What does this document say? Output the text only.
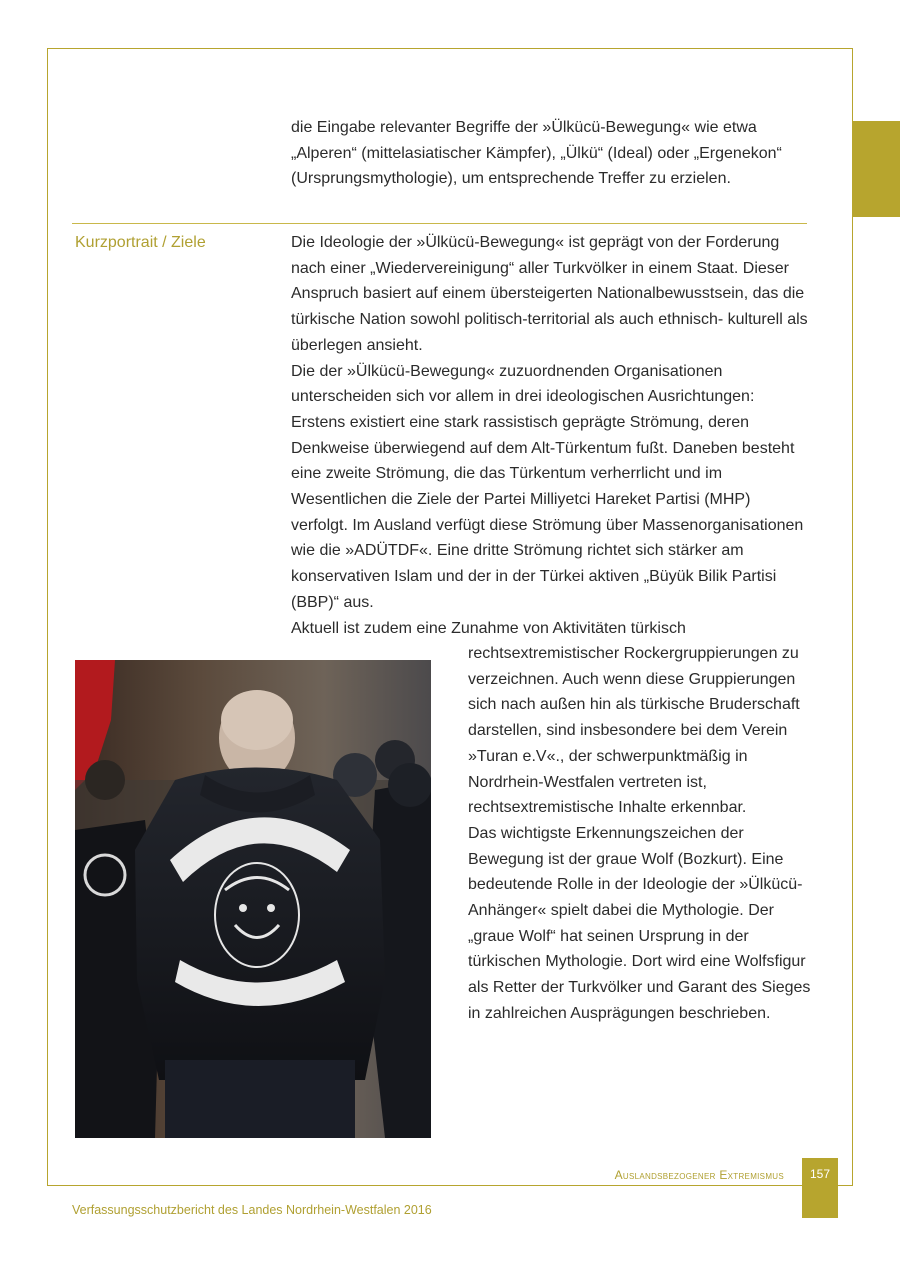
die Eingabe relevanter Begriffe der »Ülkücü-Bewegung« wie etwa „Alperen“ (mittelasiatischer Kämpfer), „Ülkü“ (Ideal) oder „Ergenekon“ (Ursprungsmythologie), um entsprechende Treffer zu erzielen.
Kurzportrait / Ziele	Die Ideologie der »Ülkücü-Bewegung« ist geprägt von der Forderung nach einer „Wiedervereinigung“ aller Turkvölker in einem Staat. Dieser Anspruch basiert auf einem übersteigerten Nationalbewusstsein, das die türkische Nation sowohl politisch-territorial als auch ethnisch- kulturell als überlegen ansieht.

Die der »Ülkücü-Bewegung« zuzuordnenden Organisationen unterscheiden sich vor allem in drei ideologischen Ausrichtungen: Erstens existiert eine stark rassistisch geprägte Strömung, deren Denkweise überwiegend auf dem Alt-Türkentum fußt. Daneben besteht eine zweite Strömung, die das Türkentum verherrlicht und im Wesentlichen die Ziele der Partei Milliyetci Hareket Partisi (MHP) verfolgt. Im Ausland verfügt diese Strömung über Massenorganisationen wie die »ADÜTDF«. Eine dritte Strömung richtet sich stärker am konservativen Islam und der in der Türkei aktiven „Büyük Bilik Partisi (BBP)“ aus.

Aktuell ist zudem eine Zunahme von Aktivitäten türkisch

rechtsextremistischer Rockergruppierungen zu verzeichnen. Auch wenn diese Gruppierungen sich nach außen hin als türkische Bruderschaft darstellen, sind insbesondere bei dem Verein »Turan e.V«., der schwerpunktmäßig in Nordrhein-Westfalen vertreten ist, rechtsextremistische Inhalte erkennbar.

Das wichtigste Erkennungszeichen der Bewegung ist der graue Wolf (Bozkurt). Eine bedeutende Rolle in der Ideologie der »Ülkücü-Anhänger« spielt dabei die Mythologie. Der „graue Wolf“ hat seinen Ursprung in der türkischen Mythologie. Dort wird eine Wolfsfigur als Retter der Turkvölker und Garant des Sieges in zahlreichen Ausprägungen beschrieben.

Auslandsbezogener Extremismus	157
Verfassungsschutzbericht des Landes Nordrhein-Westfalen 2016
